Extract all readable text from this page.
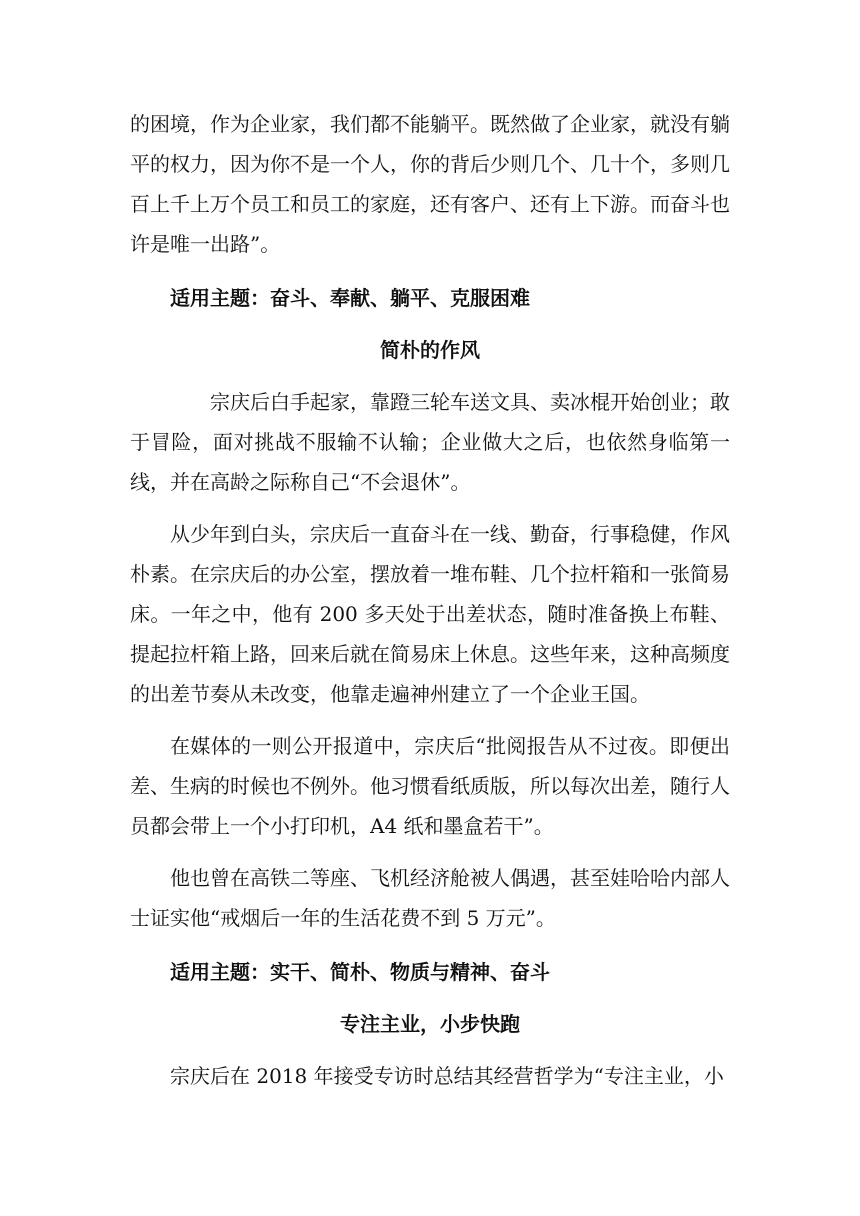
的困境，作为企业家，我们都不能躺平。既然做了企业家，就没有躺平的权力，因为你不是一个人，你的背后少则几个、几十个，多则几百上千上万个员工和员工的家庭，还有客户、还有上下游。而奋斗也许是唯一出路”。

适用主题：奋斗、奉献、躺平、克服困难

简朴的作风

宗庆后白手起家，靠蹬三轮车送文具、卖冰棍开始创业；敢于冒险，面对挑战不服输不认输；企业做大之后，也依然身临第一线，并在高龄之际称自己“不会退休”。

从少年到白头，宗庆后一直奋斗在一线、勤奋，行事稳健，作风朴素。在宗庆后的办公室，摆放着一堆布鞋、几个拉杆箱和一张简易床。一年之中，他有 200 多天处于出差状态，随时准备换上布鞋、提起拉杆箱上路，回来后就在简易床上休息。这些年来，这种高频度的出差节奏从未改变，他靠走遍神州建立了一个企业王国。

在媒体的一则公开报道中，宗庆后“批阅报告从不过夜。即便出差、生病的时候也不例外。他习惯看纸质版，所以每次出差，随行人员都会带上一个小打印机，A4 纸和墨盒若干”。

他也曾在高铁二等座、飞机经济舱被人偶遇，甚至娃哈哈内部人士证实他“戒烟后一年的生活花费不到 5 万元”。

适用主题：实干、简朴、物质与精神、奋斗

专注主业，小步快跑

宗庆后在 2018 年接受专访时总结其经营哲学为“专注主业，小
